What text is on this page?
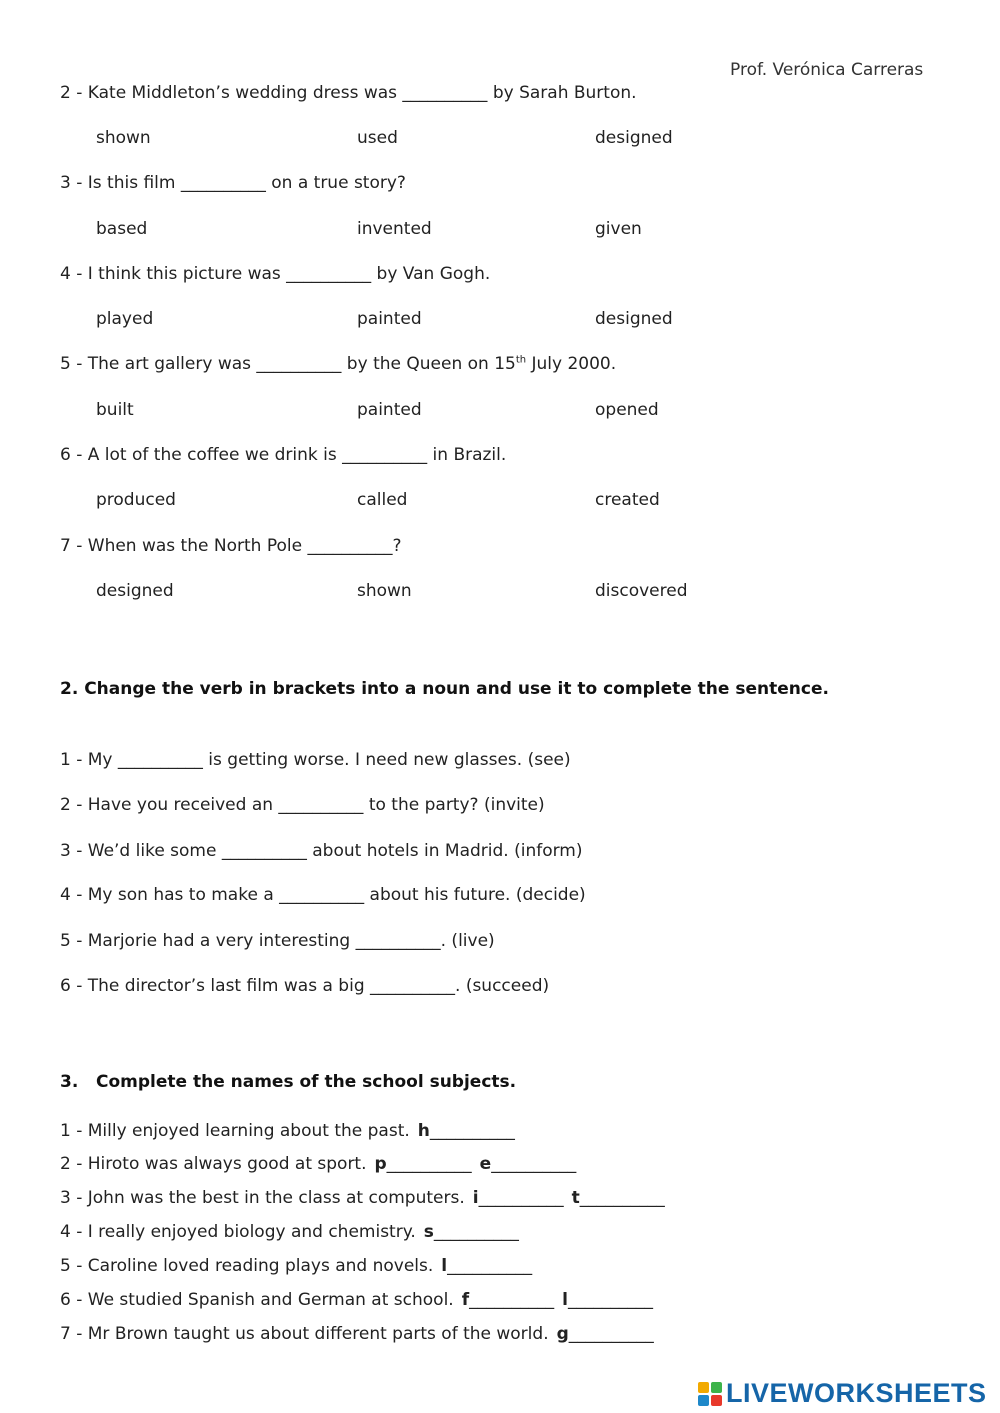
Prof. Verónica Carreras
2 - Kate Middleton’s wedding dress was __________ by Sarah Burton.
shown	used	designed
3 - Is this film __________ on a true story?
based	invented	given
4 - I think this picture was __________ by Van Gogh.
played	painted	designed
5 - The art gallery was __________ by the Queen on 15th July 2000.
built	painted	opened
6 - A lot of the coffee we drink is __________ in Brazil.
produced	called	created
7 - When was the North Pole __________?
designed	shown	discovered
2. Change the verb in brackets into a noun and use it to complete the sentence.
1 - My __________ is getting worse. I need new glasses. (see)
2 - Have you received an __________ to the party? (invite)
3 - We’d like some __________ about hotels in Madrid. (inform)
4 - My son has to make a __________ about his future. (decide)
5 - Marjorie had a very interesting __________. (live)
6 - The director’s last film was a big __________. (succeed)
3. Complete the names of the school subjects.
1 - Milly enjoyed learning about the past. h__________
2 - Hiroto was always good at sport. p__________ e__________
3 - John was the best in the class at computers. i__________ t__________
4 - I really enjoyed biology and chemistry. s__________
5 - Caroline loved reading plays and novels. l__________
6 - We studied Spanish and German at school. f__________ l__________
7 - Mr Brown taught us about different parts of the world. g__________
LIVEWORKSHEETS
